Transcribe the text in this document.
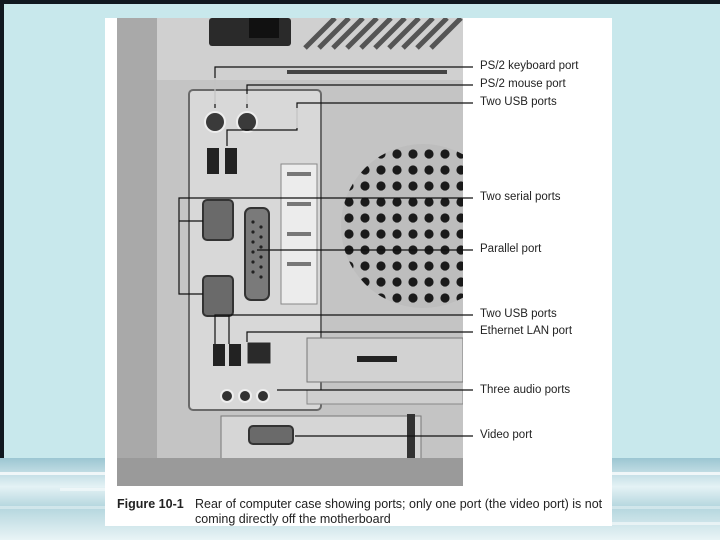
PS/2 keyboard port
PS/2 mouse port
Two USB ports
Two serial ports
Parallel port
Two USB ports
Ethernet LAN port
Three audio ports
Video port
Figure 10-1 Rear of computer case showing ports; only one port (the video port) is not coming directly off the motherboard
